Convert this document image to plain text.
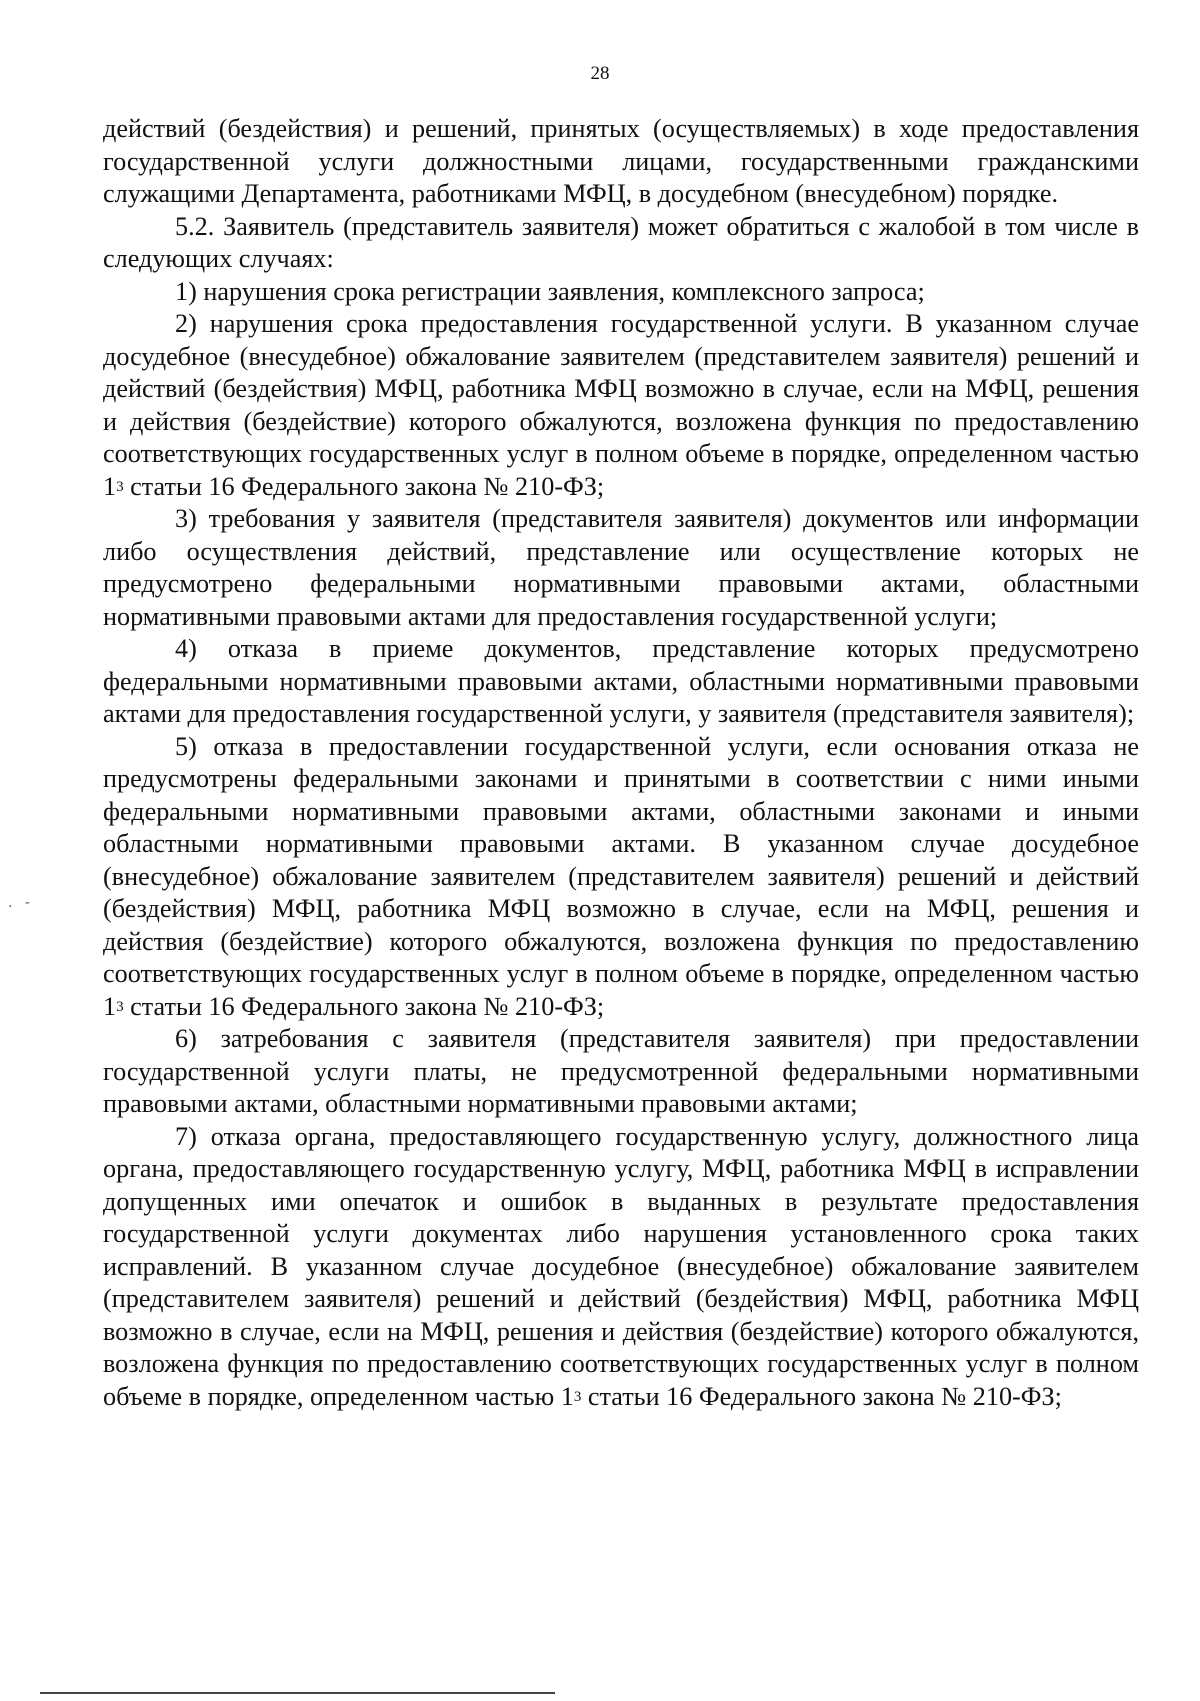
28
. -

действий (бездействия) и решений, принятых (осуществляемых) в ходе предоставления государственной услуги должностными лицами, государственными гражданскими служащими Департамента, работниками МФЦ, в досудебном (внесудебном) порядке.

5.2. Заявитель (представитель заявителя) может обратиться с жалобой в том числе в следующих случаях:

1) нарушения срока регистрации заявления, комплексного запроса;

2) нарушения срока предоставления государственной услуги. В указанном случае досудебное (внесудебное) обжалование заявителем (представителем заявителя) решений и действий (бездействия) МФЦ, работника МФЦ возможно в случае, если на МФЦ, решения и действия (бездействие) которого обжалуются, возложена функция по предоставлению соответствующих государственных услуг в полном объеме в порядке, определенном частью $1^3$ статьи 16 Федерального закона № 210-ФЗ;

3) требования у заявителя (представителя заявителя) документов или информации либо осуществления действий, представление или осуществление которых не предусмотрено федеральными нормативными правовыми актами, областными нормативными правовыми актами для предоставления государственной услуги;

4) отказа в приеме документов, представление которых предусмотрено федеральными нормативными правовыми актами, областными нормативными правовыми актами для предоставления государственной услуги, у заявителя (представителя заявителя);

5) отказа в предоставлении государственной услуги, если основания отказа не предусмотрены федеральными законами и принятыми в соответствии с ними иными федеральными нормативными правовыми актами, областными законами и иными областными нормативными правовыми актами. В указанном случае досудебное (внесудебное) обжалование заявителем (представителем заявителя) решений и действий (бездействия) МФЦ, работника МФЦ возможно в случае, если на МФЦ, решения и действия (бездействие) которого обжалуются, возложена функция по предоставлению соответствующих государственных услуг в полном объеме в порядке, определенном частью $1^3$ статьи 16 Федерального закона № 210-ФЗ;

6) затребования с заявителя (представителя заявителя) при предоставлении государственной услуги платы, не предусмотренной федеральными нормативными правовыми актами, областными нормативными правовыми актами;

7) отказа органа, предоставляющего государственную услугу, должностного лица органа, предоставляющего государственную услугу, МФЦ, работника МФЦ в исправлении допущенных ими опечаток и ошибок в выданных в результате предоставления государственной услуги документах либо нарушения установленного срока таких исправлений. В указанном случае досудебное (внесудебное) обжалование заявителем (представителем заявителя) решений и действий (бездействия) МФЦ, работника МФЦ возможно в случае, если на МФЦ, решения и действия (бездействие) которого обжалуются, возложена функция по предоставлению соответствующих государственных услуг в полном объеме в порядке, определенном частью $1^3$ статьи 16 Федерального закона № 210-ФЗ;
